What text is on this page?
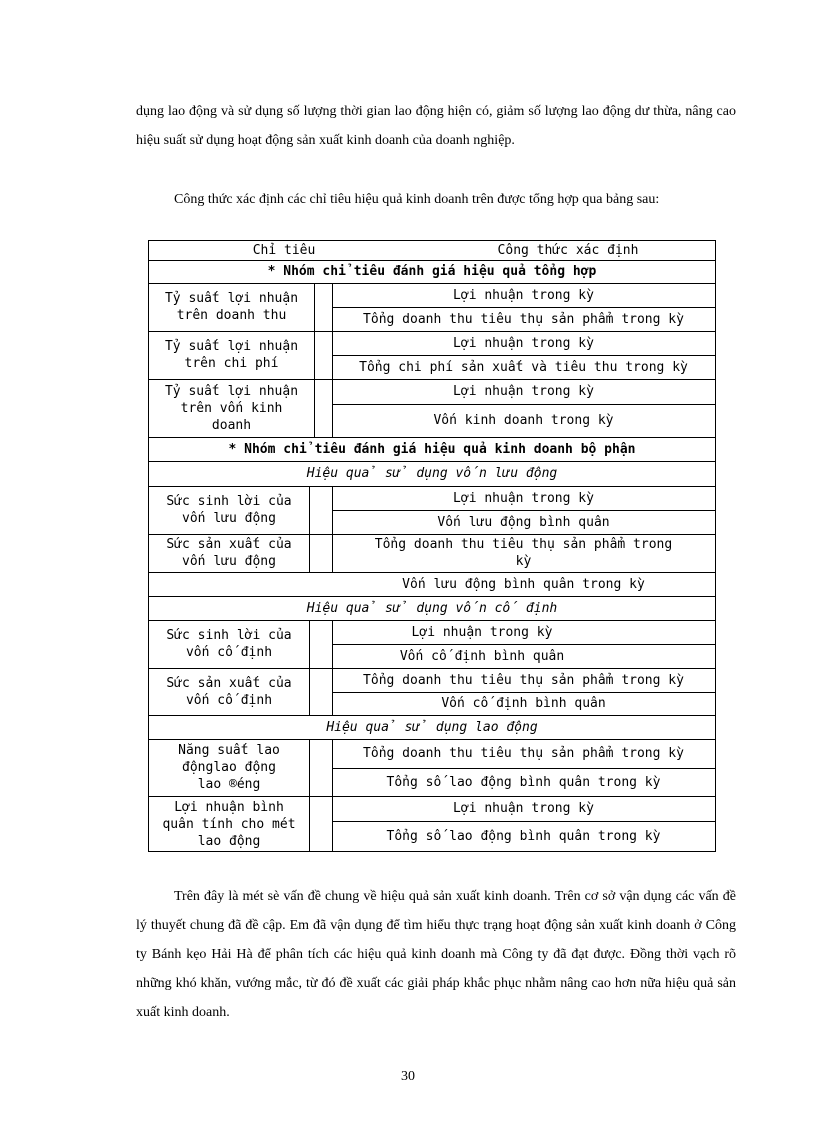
dụng lao động và sử dụng số lượng thời gian lao động hiện có, giảm số lượng lao động dư thừa, nâng cao hiệu suất sử dụng hoạt động sản xuất kinh doanh của doanh nghiệp.

Công thức xác định các chỉ tiêu hiệu quả kinh doanh trên được tổng hợp qua bảng sau:

Chỉ tiêu	Công thức xác định
* Nhóm chỉ tiêu đánh giá hiệu quả tổng hợp
Tỷ suất lợi nhuận
trên doanh thu
Lợi nhuận trong kỳ
Tổng doanh thu tiêu thụ sản phẩm trong kỳ
Tỷ suất lợi nhuận
trên chi phí
Lợi nhuận trong kỳ
Tổng chi phí sản xuất và tiêu thu trong kỳ
Tỷ suất lợi nhuận
trên vốn kinh
doanh
Lợi nhuận trong kỳ
Vốn kinh doanh trong kỳ
* Nhóm chỉ tiêu đánh giá hiệu quả kinh doanh bộ phận
Hiệu quả sử dụng vốn lưu động
Sức sinh lời của
vốn lưu động
Lợi nhuận trong kỳ
Vốn lưu động bình quân
Sức sản xuất của
vốn lưu động
Tổng doanh thu tiêu thụ sản phẩm trong
kỳ
Vốn lưu động bình quân trong kỳ
Hiệu quả sử dụng vốn cố định
Sức sinh lời của
vốn cố định
Lợi nhuận trong kỳ
Vốn cố định bình quân
Sức sản xuất của
vốn cố định
Tổng doanh thu tiêu thụ sản phẩm trong kỳ
Vốn cố định bình quân
Hiệu quả sử dụng lao động
Năng suất lao
độnglao động
lao ®éng
Tổng doanh thu tiêu thụ sản phẩm trong kỳ
Tổng số lao động bình quân trong kỳ
Lợi nhuận bình
quân tính cho mét
lao động
Lợi nhuận trong kỳ
Tổng số lao động bình quân trong kỳ

Trên đây là mét sè vấn đề chung về hiệu quả sản xuất kinh doanh. Trên cơ sở vận dụng các vấn đề lý thuyết chung đã đề cập. Em đã vận dụng để tìm hiểu thực trạng hoạt động sản xuất kinh doanh ở Công ty Bánh kẹo Hải Hà để phân tích các hiệu quả kinh doanh mà Công ty đã đạt được. Đồng thời vạch rõ những khó khăn, vướng mắc, từ đó đề xuất các giải pháp khắc phục nhằm nâng cao hơn nữa hiệu quả sản xuất kinh doanh.

30
